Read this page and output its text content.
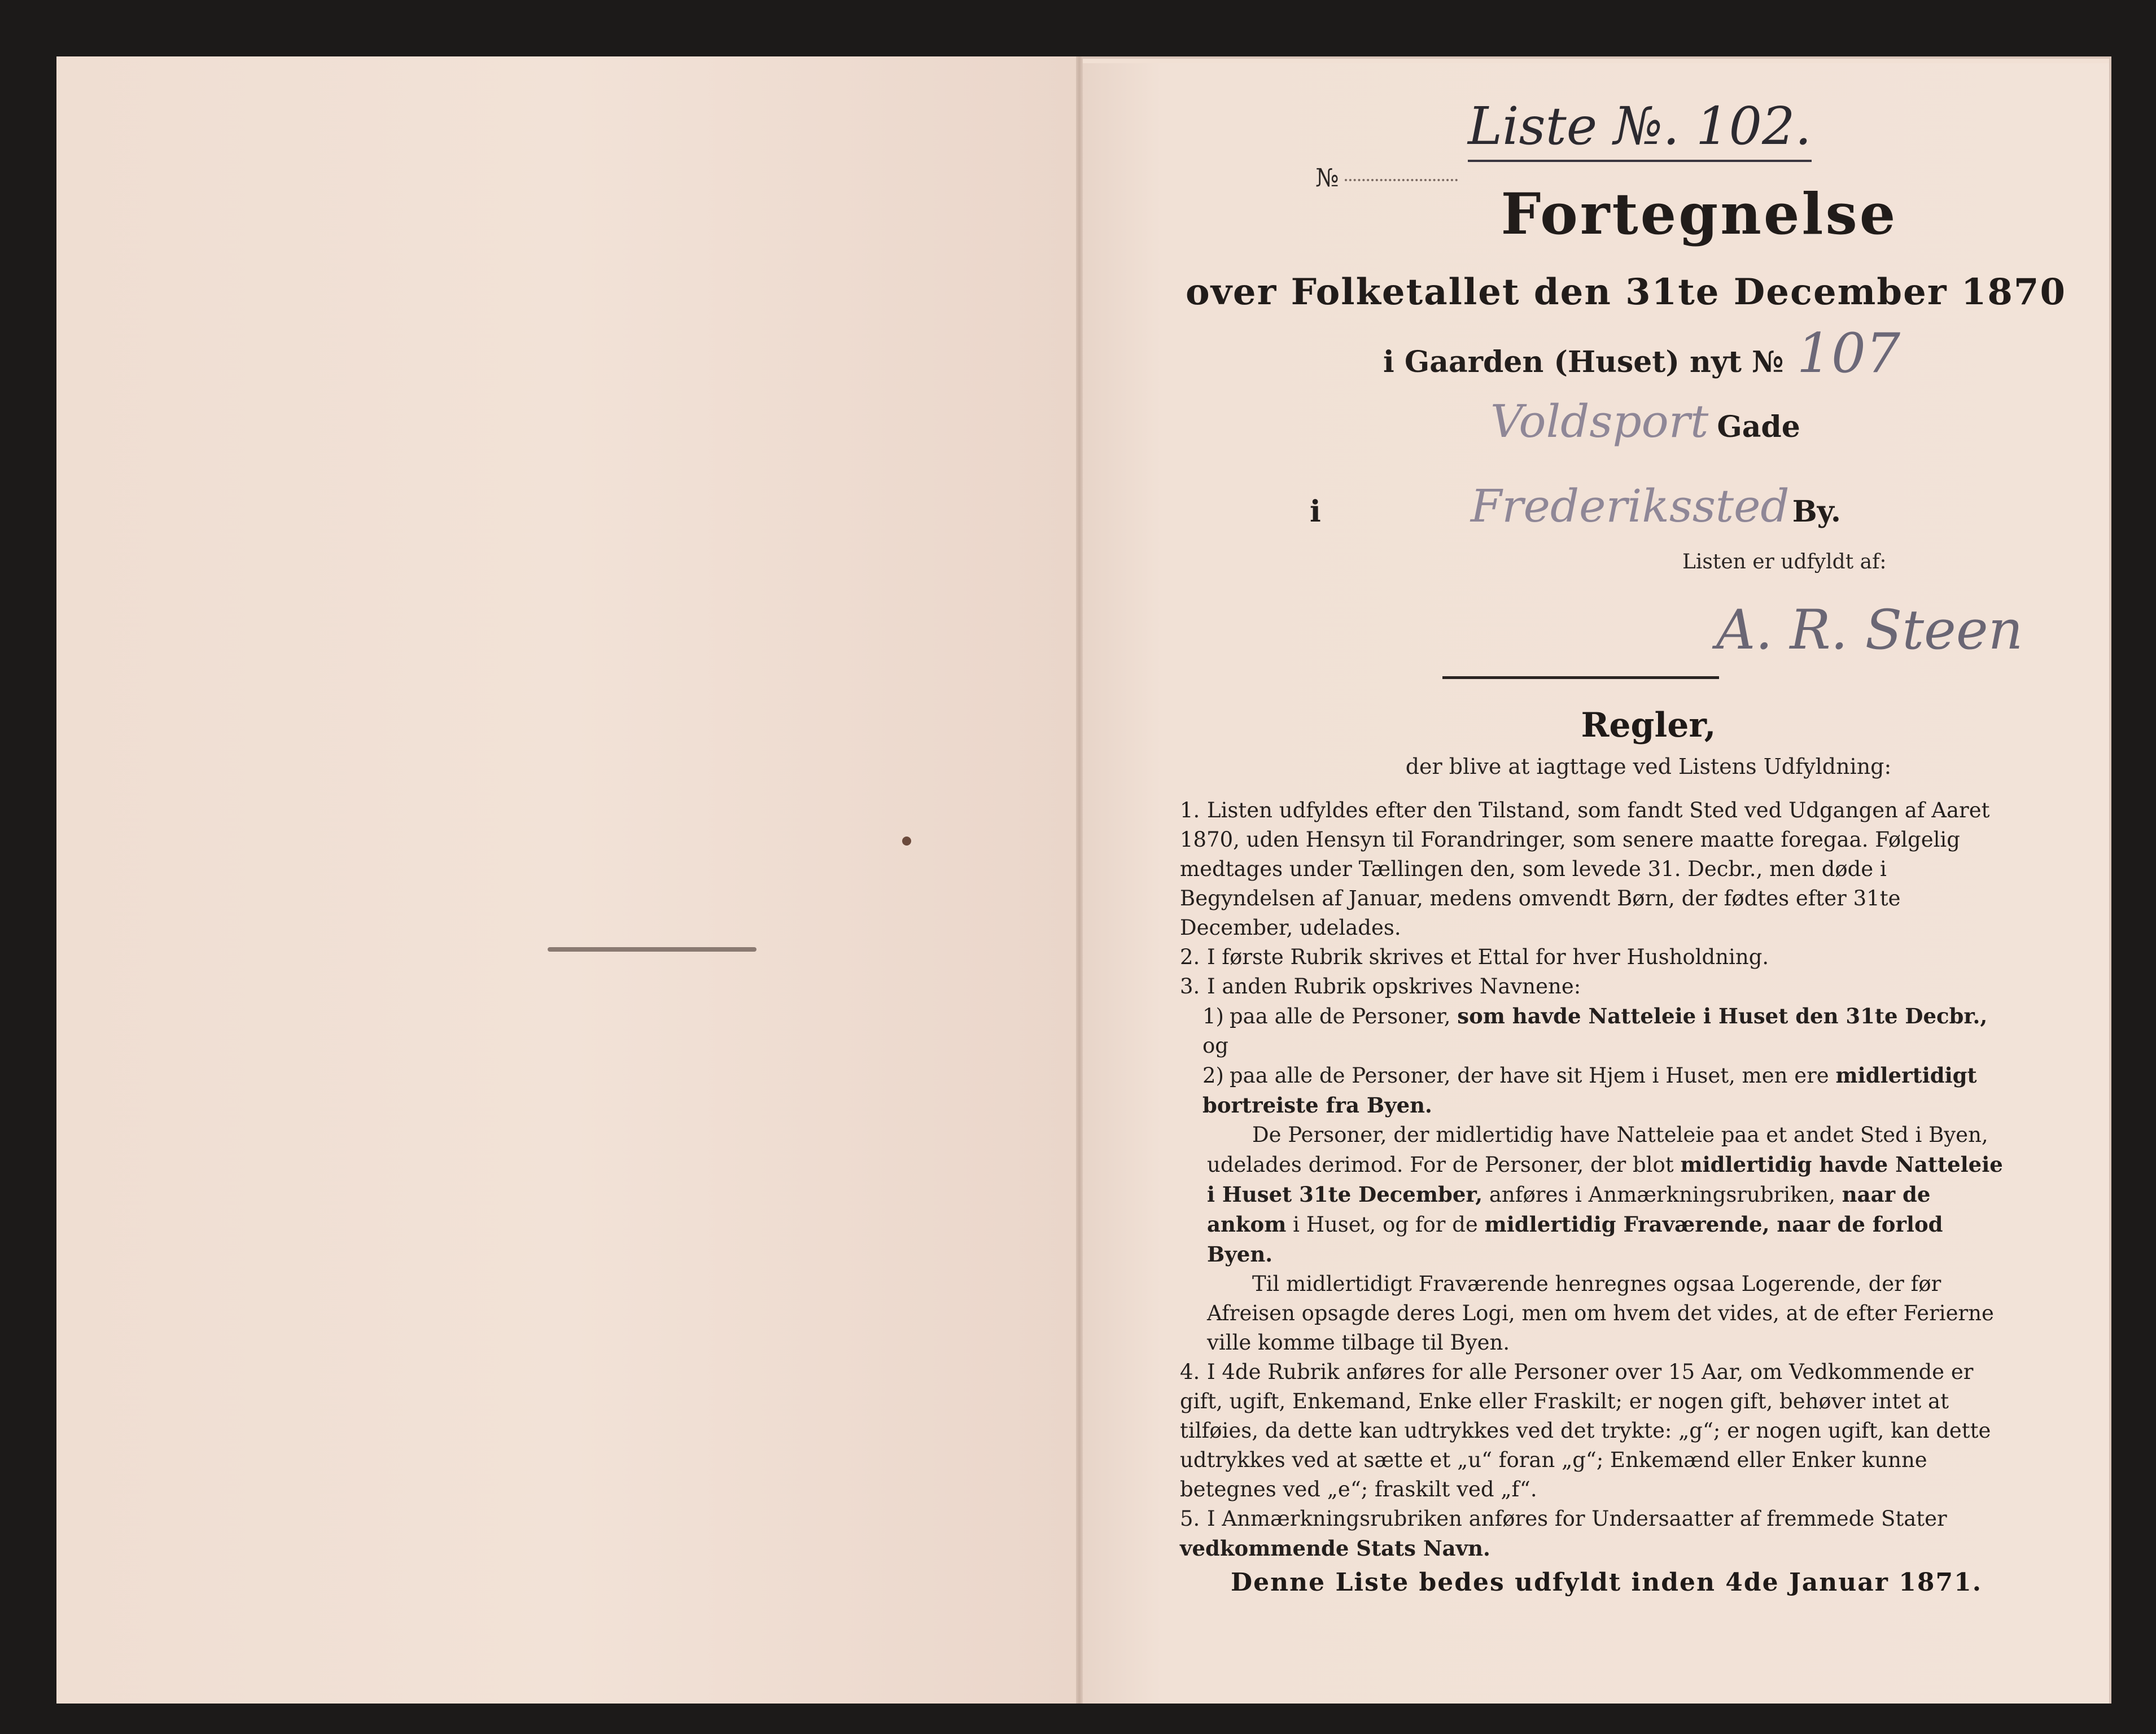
Liste №. 102.
№
Fortegnelse
over Folketallet den 31te December 1870
i Gaarden (Huset) nyt № 107
Voldsport Gade
i	Frederikssted By.
Listen er udfyldt af:
A. R. Steen
Regler,
der blive at iagttage ved Listens Udfyldning:

1. Listen udfyldes efter den Tilstand, som fandt Sted ved Udgangen af Aaret 1870, uden Hensyn til Forandringer, som senere maatte foregaa. Følgelig medtages under Tællingen den, som levede 31. Decbr., men døde i Begyndelsen af Januar, medens omvendt Børn, der fødtes efter 31te December, udelades.

2. I første Rubrik skrives et Ettal for hver Husholdning.

3. I anden Rubrik opskrives Navnene:

1) paa alle de Personer, som havde Natteleie i Huset den 31te Decbr., og

2) paa alle de Personer, der have sit Hjem i Huset, men ere midlertidigt bortreiste fra Byen.

De Personer, der midlertidig have Natteleie paa et andet Sted i Byen, udelades derimod. For de Personer, der blot midlertidig havde Natteleie i Huset 31te December, anføres i Anmærkningsrubriken, naar de ankom i Huset, og for de midlertidig Fraværende, naar de forlod Byen.

Til midlertidigt Fraværende henregnes ogsaa Logerende, der før Afreisen opsagde deres Logi, men om hvem det vides, at de efter Ferierne ville komme tilbage til Byen.

4. I 4de Rubrik anføres for alle Personer over 15 Aar, om Vedkommende er gift, ugift, Enkemand, Enke eller Fraskilt; er nogen gift, behøver intet at tilføies, da dette kan udtrykkes ved det trykte: „g“; er nogen ugift, kan dette udtrykkes ved at sætte et „u“ foran „g“; Enkemænd eller Enker kunne betegnes ved „e“; fraskilt ved „f“.

5. I Anmærkningsrubriken anføres for Undersaatter af fremmede Stater vedkommende Stats Navn.

Denne Liste bedes udfyldt inden 4de Januar 1871.
